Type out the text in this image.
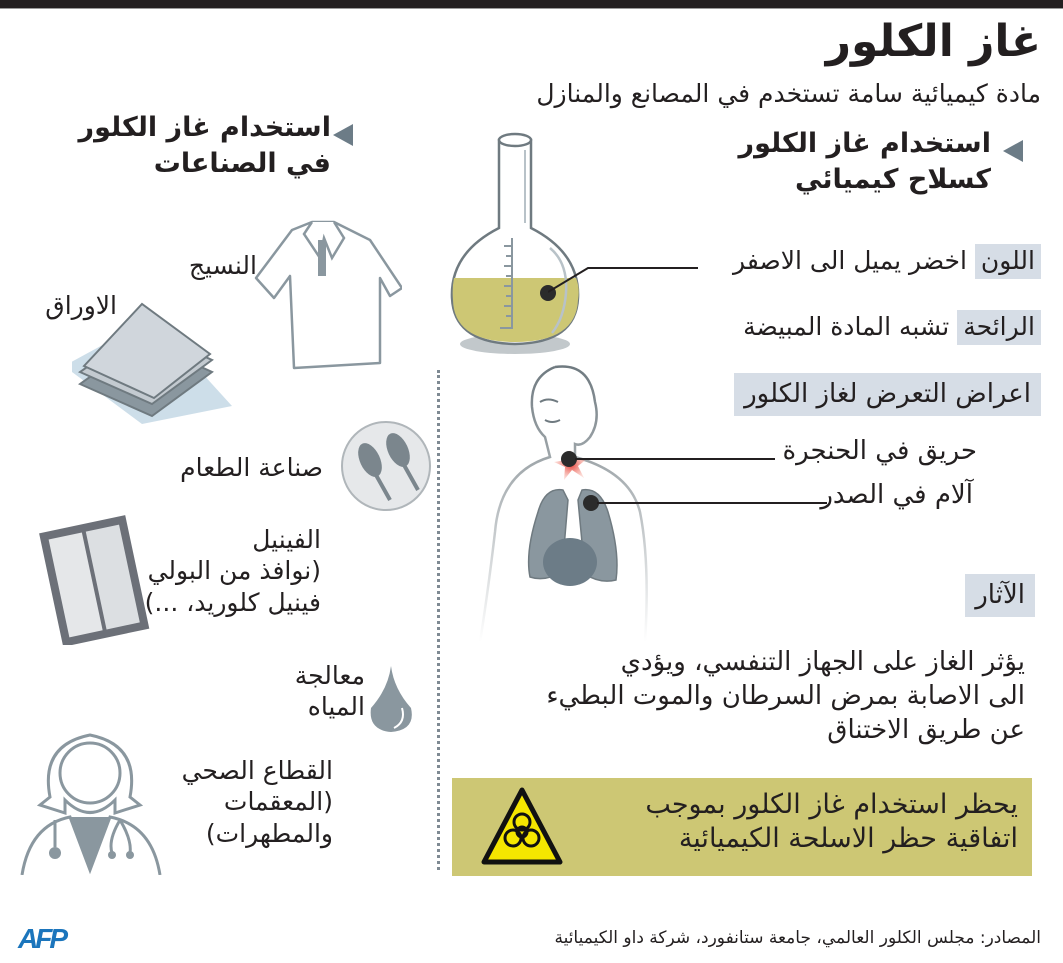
غاز الكلور
مادة كيميائية سامة تستخدم في المصانع والمنازل
استخدام غاز الكلور
كسلاح كيميائي
اللون اخضر يميل الى الاصفر
الرائحة تشبه المادة المبيضة
اعراض التعرض لغاز الكلور
حريق في الحنجرة
آلام في الصدر
الآثار
يؤثر الغاز على الجهاز التنفسي، ويؤدي
الى الاصابة بمرض السرطان والموت البطيء
عن طريق الاختناق
يحظر استخدام غاز الكلور بموجب
اتفاقية حظر الاسلحة الكيميائية
استخدام غاز الكلور
في الصناعات
النسيج
الاوراق
صناعة الطعام
الفينيل
(نوافذ من البولي
فينيل كلوريد، ...)
معالجة
المياه
القطاع الصحي
(المعقمات
والمطهرات)
المصادر: مجلس الكلور العالمي، جامعة ستانفورد، شركة داو الكيميائية
AFP
